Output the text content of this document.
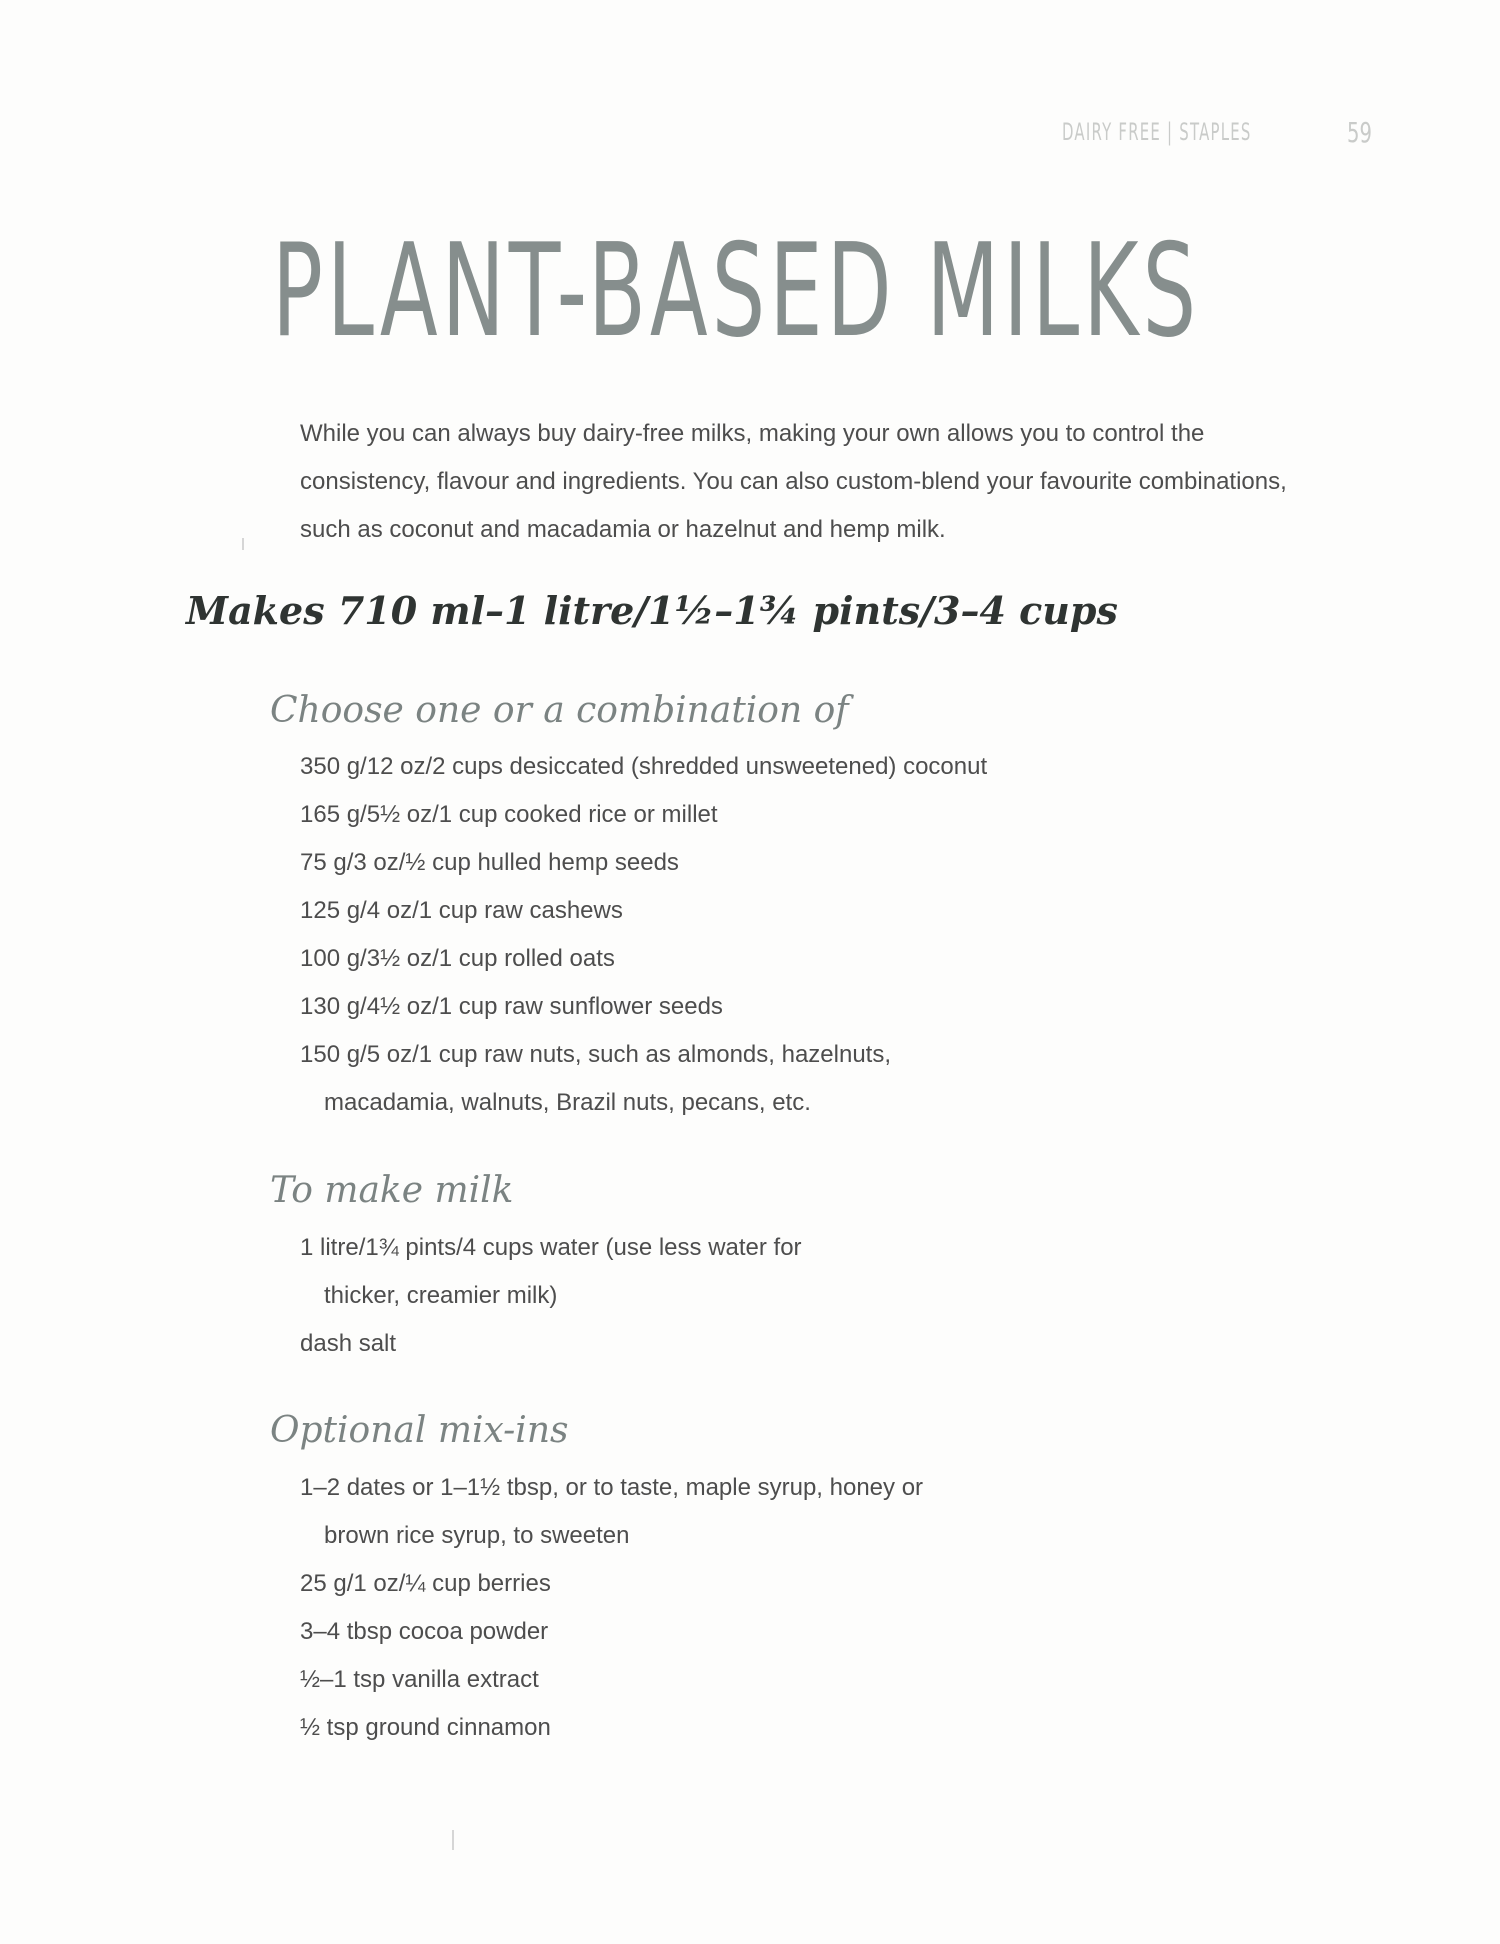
DAIRY FREE | STAPLES	59
PLANT-BASED MILKS

While you can always buy dairy-free milks, making your own allows you to control the consistency, flavour and ingredients. You can also custom-blend your favourite combinations, such as coconut and macadamia or hazelnut and hemp milk.

Makes 710 ml–1 litre/1½–1¾ pints/3–4 cups
Choose one or a combination of
350 g/12 oz/2 cups desiccated (shredded unsweetened) coconut
165 g/5½ oz/1 cup cooked rice or millet
75 g/3 oz/½ cup hulled hemp seeds
125 g/4 oz/1 cup raw cashews
100 g/3½ oz/1 cup rolled oats
130 g/4½ oz/1 cup raw sunflower seeds
150 g/5 oz/1 cup raw nuts, such as almonds, hazelnuts,
macadamia, walnuts, Brazil nuts, pecans, etc.
To make milk
1 litre/1¾ pints/4 cups water (use less water for
thicker, creamier milk)
dash salt
Optional mix-ins
1–2 dates or 1–1½ tbsp, or to taste, maple syrup, honey or
brown rice syrup, to sweeten
25 g/1 oz/¼ cup berries
3–4 tbsp cocoa powder
½–1 tsp vanilla extract
½ tsp ground cinnamon
